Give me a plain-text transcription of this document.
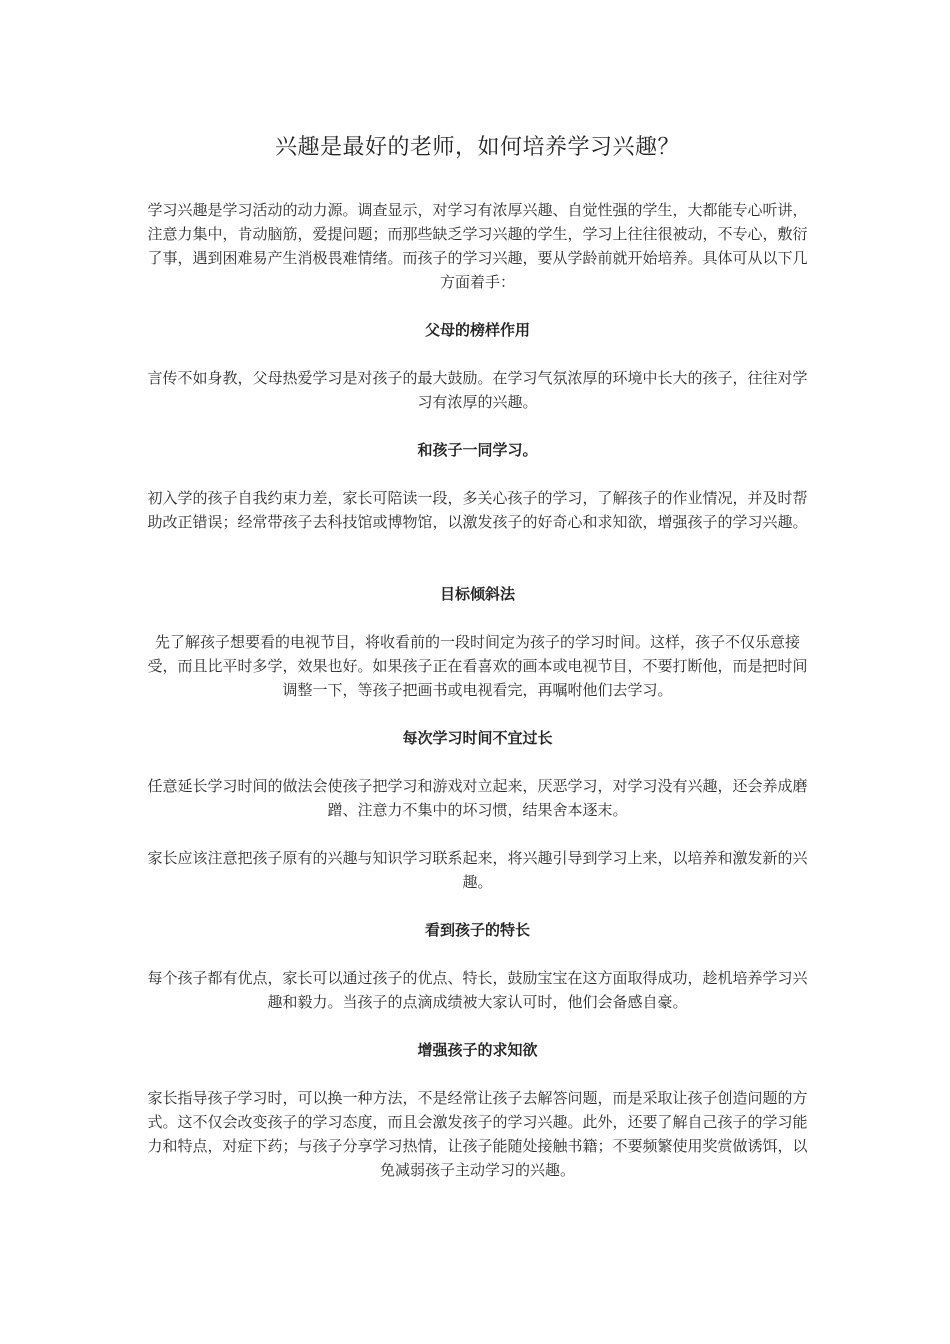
兴趣是最好的老师，如何培养学习兴趣？
学习兴趣是学习活动的动力源。调查显示，对学习有浓厚兴趣、自觉性强的学生，大都能专心听讲，注意力集中，肯动脑筋，爱提问题；而那些缺乏学习兴趣的学生，学习上往往很被动，不专心，敷衍了事，遇到困难易产生消极畏难情绪。而孩子的学习兴趣，要从学龄前就开始培养。具体可从以下几方面着手：
父母的榜样作用
言传不如身教，父母热爱学习是对孩子的最大鼓励。在学习气氛浓厚的环境中长大的孩子，往往对学习有浓厚的兴趣。
和孩子一同学习。
初入学的孩子自我约束力差，家长可陪读一段，多关心孩子的学习，了解孩子的作业情况，并及时帮助改正错误；经常带孩子去科技馆或博物馆，以激发孩子的好奇心和求知欲，增强孩子的学习兴趣。
目标倾斜法
先了解孩子想要看的电视节目，将收看前的一段时间定为孩子的学习时间。这样，孩子不仅乐意接受，而且比平时多学，效果也好。如果孩子正在看喜欢的画本或电视节目，不要打断他，而是把时间调整一下，等孩子把画书或电视看完，再嘱咐他们去学习。
每次学习时间不宜过长
任意延长学习时间的做法会使孩子把学习和游戏对立起来，厌恶学习，对学习没有兴趣，还会养成磨蹭、注意力不集中的坏习惯，结果舍本逐末。
家长应该注意把孩子原有的兴趣与知识学习联系起来，将兴趣引导到学习上来，以培养和激发新的兴趣。
看到孩子的特长
每个孩子都有优点，家长可以通过孩子的优点、特长，鼓励宝宝在这方面取得成功，趁机培养学习兴趣和毅力。当孩子的点滴成绩被大家认可时，他们会备感自豪。
增强孩子的求知欲
家长指导孩子学习时，可以换一种方法，不是经常让孩子去解答问题，而是采取让孩子创造问题的方式。这不仅会改变孩子的学习态度，而且会激发孩子的学习兴趣。此外，还要了解自己孩子的学习能力和特点，对症下药；与孩子分享学习热情，让孩子能随处接触书籍；不要频繁使用奖赏做诱饵，以免减弱孩子主动学习的兴趣。
